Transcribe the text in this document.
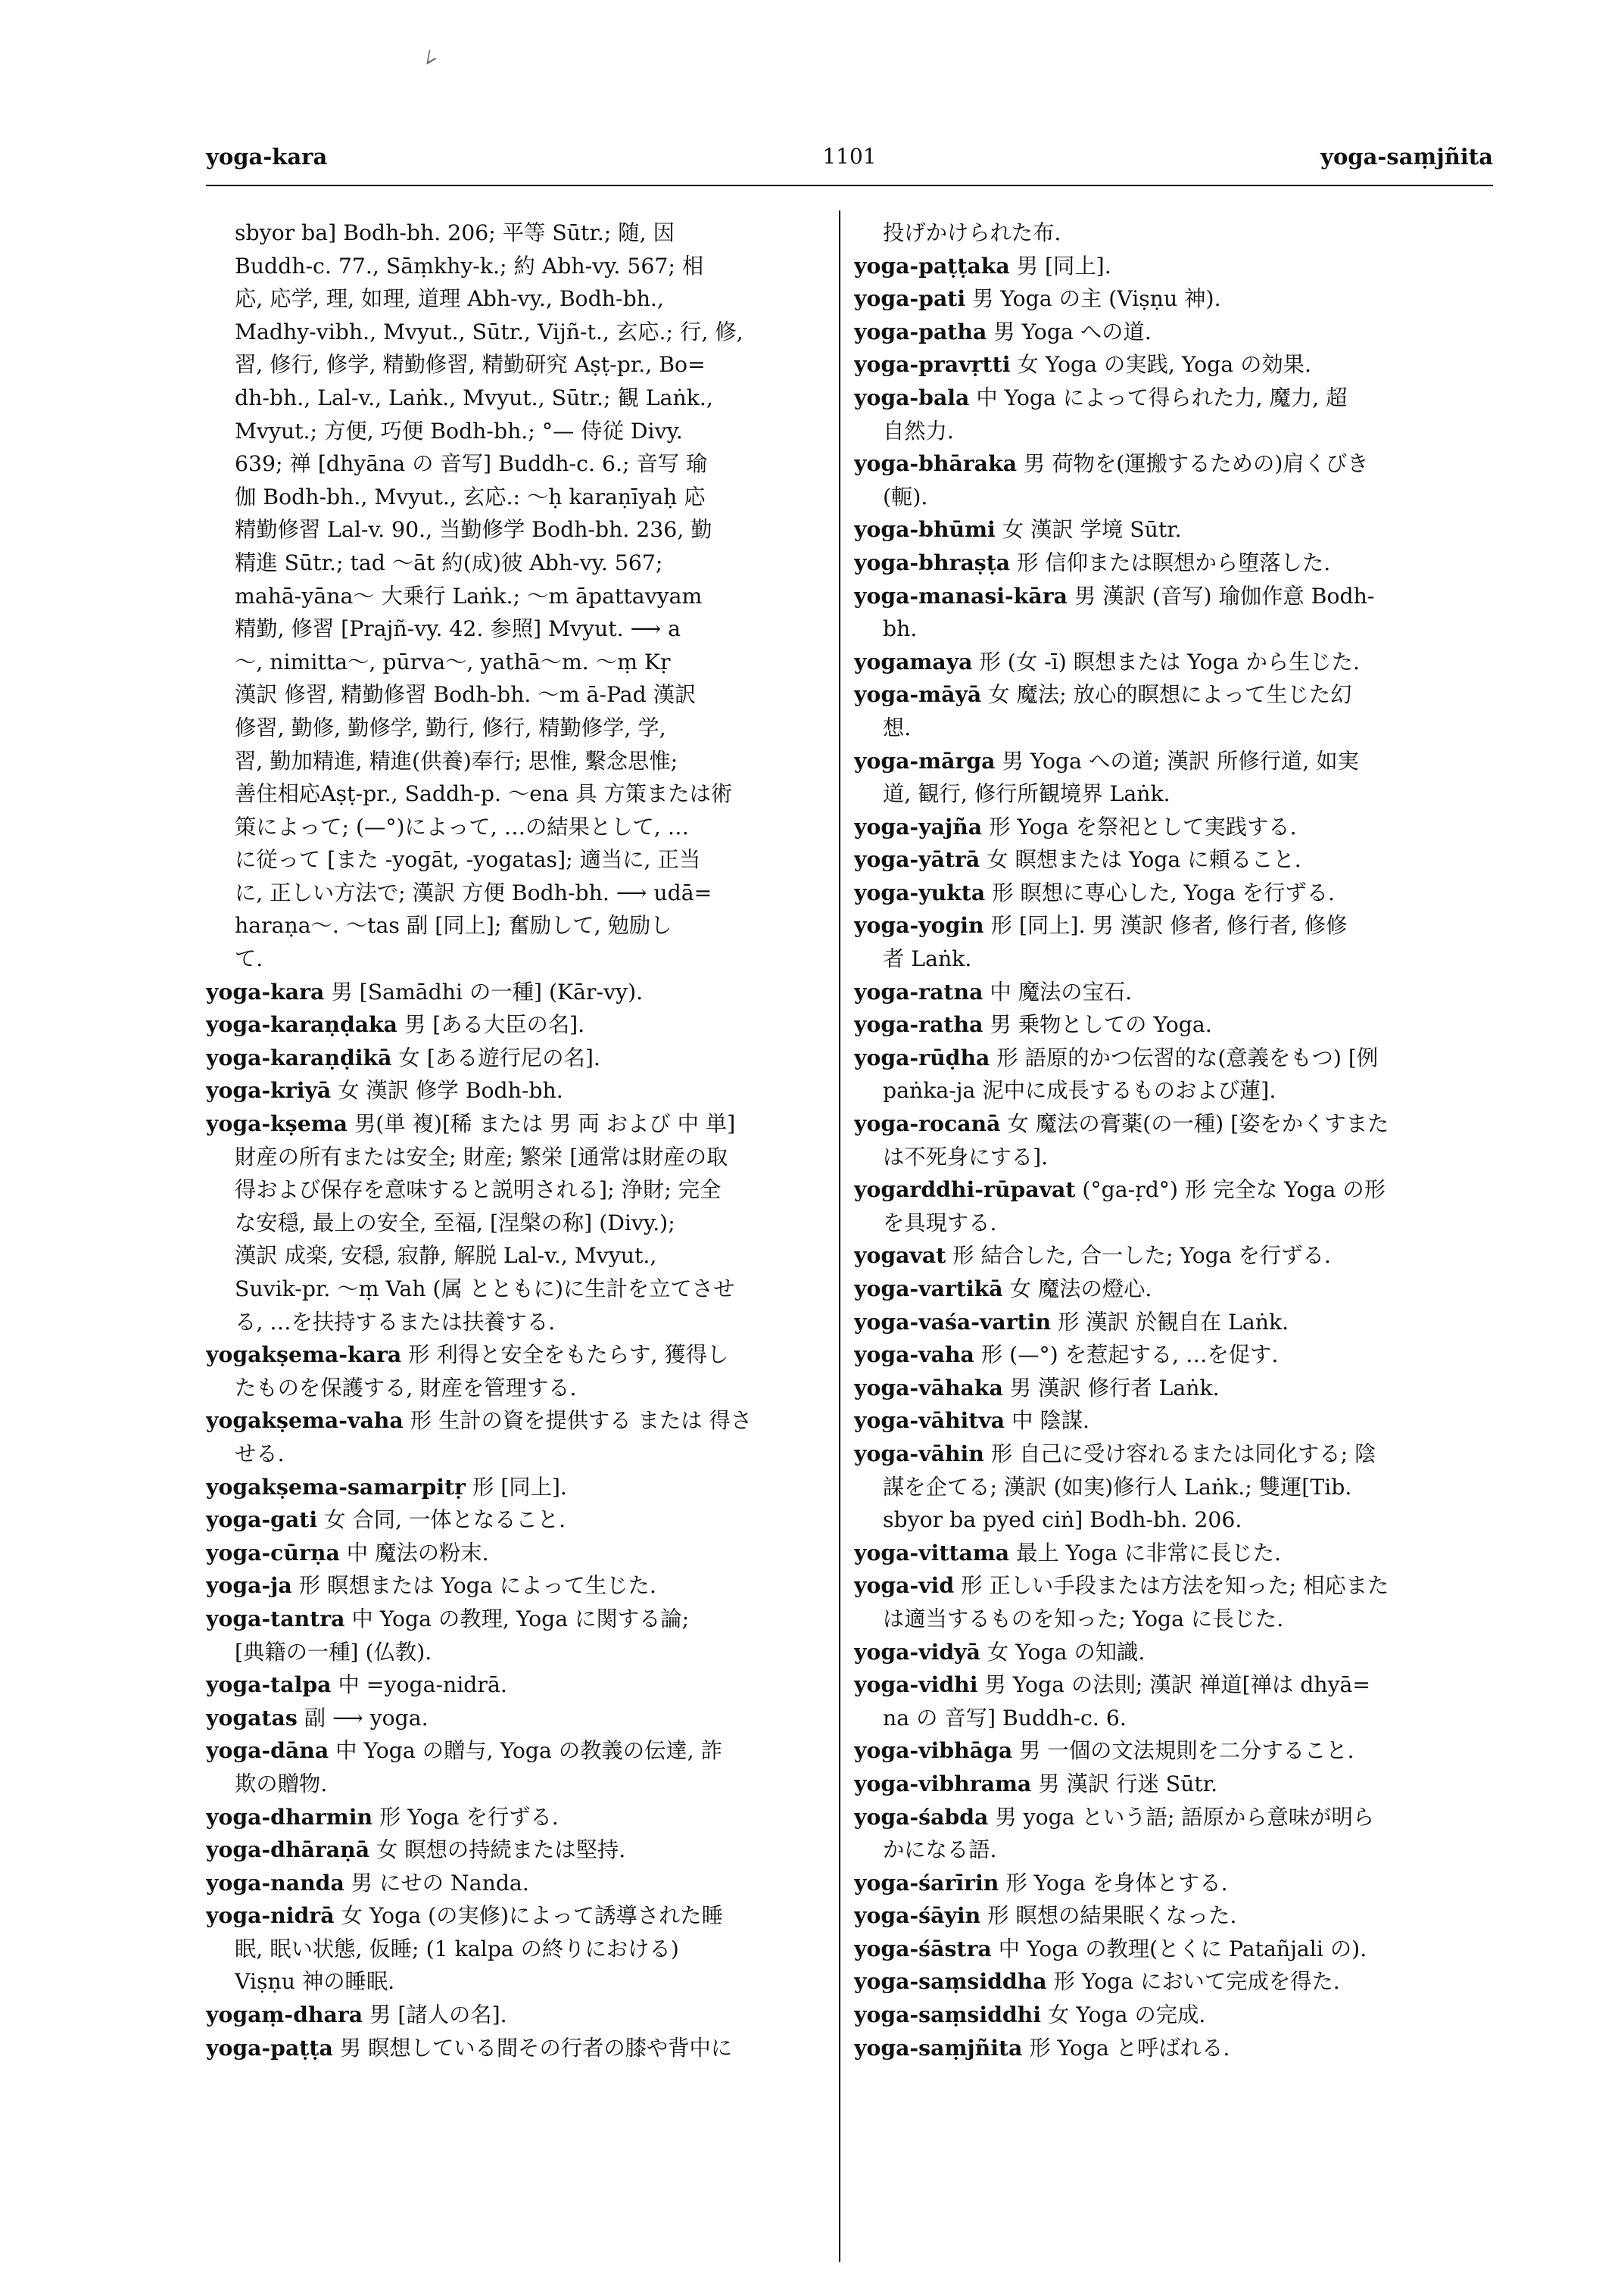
∠
yoga-kara	1101	yoga-saṃjñita
sbyor ba] Bodh-bh. 206; 平等 Sūtr.; 随, 因
Buddh-c. 77., Sāṃkhy-k.; 約 Abh-vy. 567; 相
応, 応学, 理, 如理, 道理 Abh-vy., Bodh-bh.,
Madhy-vibh., Mvyut., Sūtr., Vijñ-t., 玄応.; 行, 修,
習, 修行, 修学, 精勤修習, 精勤研究 Aṣṭ-pr., Bo=
dh-bh., Lal-v., Laṅk., Mvyut., Sūtr.; 観 Laṅk.,
Mvyut.; 方便, 巧便 Bodh-bh.; °— 侍従 Divy.
639; 禅 [dhyāna の 音写] Buddh-c. 6.; 音写 瑜
伽 Bodh-bh., Mvyut., 玄応.: ～ḥ karaṇīyaḥ 応
精勤修習 Lal-v. 90., 当勤修学 Bodh-bh. 236, 勤
精進 Sūtr.; tad ～āt 約(成)彼 Abh-vy. 567;
mahā-yāna～ 大乗行 Laṅk.; ～m āpattavyam
精勤, 修習 [Prajñ-vy. 42. 参照] Mvyut. ⟶ a
～, nimitta～, pūrva～, yathā～m. ～ṃ Kṛ
漢訳 修習, 精勤修習 Bodh-bh. ～m ā-Pad 漢訳
修習, 勤修, 勤修学, 勤行, 修行, 精勤修学, 学,
習, 勤加精進, 精進(供養)奉行; 思惟, 繫念思惟;
善住相応Aṣṭ-pr., Saddh-p. ～ena 具 方策または術
策によって; (—°)によって, …の結果として, …
に従って [また -yogāt, -yogatas]; 適当に, 正当
に, 正しい方法で; 漢訳 方便 Bodh-bh. ⟶ udā=
haraṇa～. ～tas 副 [同上]; 奮励して, 勉励し
て.
yoga-kara 男 [Samādhi の一種] (Kār-vy).
yoga-karaṇḍaka 男 [ある大臣の名].
yoga-karaṇḍikā 女 [ある遊行尼の名].
yoga-kriyā 女 漢訳 修学 Bodh-bh.
yoga-kṣema 男(単 複)[稀 または 男 両 および 中 単]
財産の所有または安全; 財産; 繁栄 [通常は財産の取
得および保存を意味すると説明される]; 浄財; 完全
な安穏, 最上の安全, 至福, [涅槃の称] (Divy.);
漢訳 成楽, 安穏, 寂静, 解脱 Lal-v., Mvyut.,
Suvik-pr. ～ṃ Vah (属 とともに)に生計を立てさせ
る, …を扶持するまたは扶養する.
yogakṣema-kara 形 利得と安全をもたらす, 獲得し
たものを保護する, 財産を管理する.
yogakṣema-vaha 形 生計の資を提供する または 得さ
せる.
yogakṣema-samarpitṛ 形 [同上].
yoga-gati 女 合同, 一体となること.
yoga-cūrṇa 中 魔法の粉末.
yoga-ja 形 瞑想または Yoga によって生じた.
yoga-tantra 中 Yoga の教理, Yoga に関する論;
[典籍の一種] (仏教).
yoga-talpa 中 =yoga-nidrā.
yogatas 副 ⟶ yoga.
yoga-dāna 中 Yoga の贈与, Yoga の教義の伝達, 詐
欺の贈物.
yoga-dharmin 形 Yoga を行ずる.
yoga-dhāraṇā 女 瞑想の持続または堅持.
yoga-nanda 男 にせの Nanda.
yoga-nidrā 女 Yoga (の実修)によって誘導された睡
眠, 眠い状態, 仮睡; (1 kalpa の終りにおける)
Viṣṇu 神の睡眠.
yogaṃ-dhara 男 [諸人の名].
yoga-paṭṭa 男 瞑想している間その行者の膝や背中に
投げかけられた布.
yoga-paṭṭaka 男 [同上].
yoga-pati 男 Yoga の主 (Viṣṇu 神).
yoga-patha 男 Yoga への道.
yoga-pravṛtti 女 Yoga の実践, Yoga の効果.
yoga-bala 中 Yoga によって得られた力, 魔力, 超
自然力.
yoga-bhāraka 男 荷物を(運搬するための)肩くびき
(軛).
yoga-bhūmi 女 漢訳 学境 Sūtr.
yoga-bhraṣṭa 形 信仰または瞑想から堕落した.
yoga-manasi-kāra 男 漢訳 (音写) 瑜伽作意 Bodh-
bh.
yogamaya 形 (女 -ī) 瞑想または Yoga から生じた.
yoga-māyā 女 魔法; 放心的瞑想によって生じた幻
想.
yoga-mārga 男 Yoga への道; 漢訳 所修行道, 如実
道, 観行, 修行所観境界 Laṅk.
yoga-yajña 形 Yoga を祭祀として実践する.
yoga-yātrā 女 瞑想または Yoga に頼ること.
yoga-yukta 形 瞑想に専心した, Yoga を行ずる.
yoga-yogin 形 [同上]. 男 漢訳 修者, 修行者, 修修
者 Laṅk.
yoga-ratna 中 魔法の宝石.
yoga-ratha 男 乗物としての Yoga.
yoga-rūḍha 形 語原的かつ伝習的な(意義をもつ) [例
paṅka-ja 泥中に成長するものおよび蓮].
yoga-rocanā 女 魔法の膏薬(の一種) [姿をかくすまた
は不死身にする].
yogarddhi-rūpavat (°ga-ṛd°) 形 完全な Yoga の形
を具現する.
yogavat 形 結合した, 合一した; Yoga を行ずる.
yoga-vartikā 女 魔法の燈心.
yoga-vaśa-vartin 形 漢訳 於観自在 Laṅk.
yoga-vaha 形 (—°) を惹起する, …を促す.
yoga-vāhaka 男 漢訳 修行者 Laṅk.
yoga-vāhitva 中 陰謀.
yoga-vāhin 形 自己に受け容れるまたは同化する; 陰
謀を企てる; 漢訳 (如実)修行人 Laṅk.; 雙運[Tib.
sbyor ba pyed ciṅ] Bodh-bh. 206.
yoga-vittama 最上 Yoga に非常に長じた.
yoga-vid 形 正しい手段または方法を知った; 相応また
は適当するものを知った; Yoga に長じた.
yoga-vidyā 女 Yoga の知識.
yoga-vidhi 男 Yoga の法則; 漢訳 禅道[禅は dhyā=
na の 音写] Buddh-c. 6.
yoga-vibhāga 男 一個の文法規則を二分すること.
yoga-vibhrama 男 漢訳 行迷 Sūtr.
yoga-śabda 男 yoga という語; 語原から意味が明ら
かになる語.
yoga-śarīrin 形 Yoga を身体とする.
yoga-śāyin 形 瞑想の結果眠くなった.
yoga-śāstra 中 Yoga の教理(とくに Patañjali の).
yoga-saṃsiddha 形 Yoga において完成を得た.
yoga-saṃsiddhi 女 Yoga の完成.
yoga-saṃjñita 形 Yoga と呼ばれる.
